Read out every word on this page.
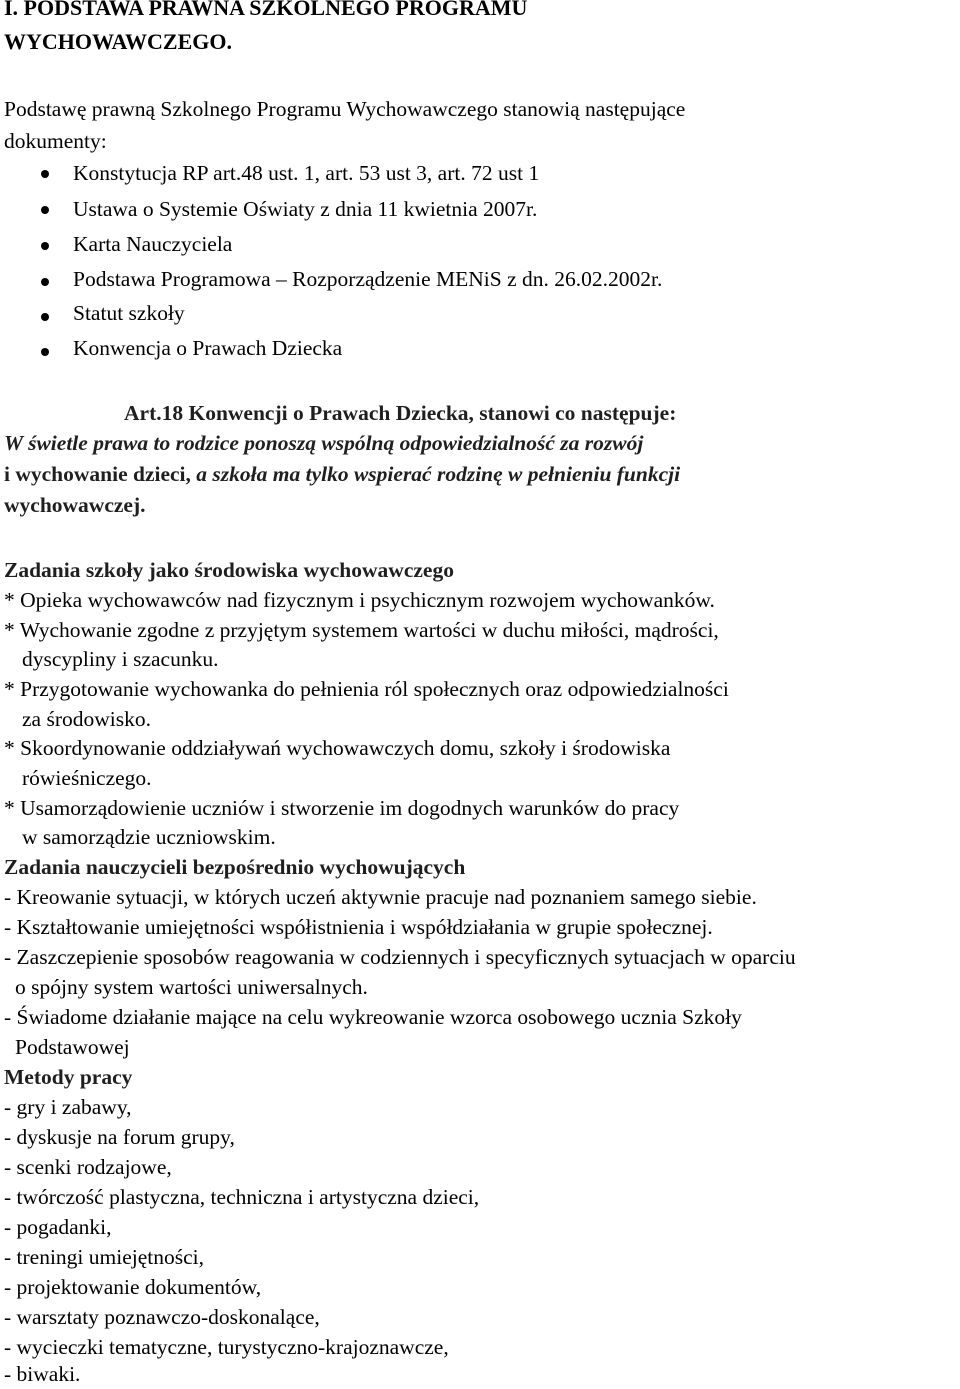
I. PODSTAWA PRAWNA SZKOLNEGO PROGRAMU
WYCHOWAWCZEGO.
Podstawę prawną Szkolnego Programu Wychowawczego stanowią następujące
dokumenty:
Konstytucja RP art.48 ust. 1, art. 53 ust 3, art. 72 ust 1
Ustawa o Systemie Oświaty z dnia 11 kwietnia 2007r.
Karta Nauczyciela
Podstawa Programowa – Rozporządzenie MENiS z dn. 26.02.2002r.
Statut szkoły
Konwencja o Prawach Dziecka
Art.18 Konwencji o Prawach Dziecka, stanowi co następuje:
W świetle prawa to rodzice ponoszą wspólną odpowiedzialność za rozwój
i wychowanie dzieci, a szkoła ma tylko wspierać rodzinę w pełnieniu funkcji
wychowawczej.
Zadania szkoły jako środowiska wychowawczego
* Opieka wychowawców nad fizycznym i psychicznym rozwojem wychowanków.
* Wychowanie zgodne z przyjętym systemem wartości w duchu miłości, mądrości,
dyscypliny i szacunku.
* Przygotowanie wychowanka do pełnienia ról społecznych oraz odpowiedzialności
za środowisko.
* Skoordynowanie oddziaływań wychowawczych domu, szkoły i środowiska
rówieśniczego.
* Usamorządowienie uczniów i stworzenie im dogodnych warunków do pracy
w samorządzie uczniowskim.
Zadania nauczycieli bezpośrednio wychowujących
- Kreowanie sytuacji, w których uczeń aktywnie pracuje nad poznaniem samego siebie.
- Kształtowanie umiejętności współistnienia i współdziałania w grupie społecznej.
- Zaszczepienie sposobów reagowania w codziennych i specyficznych sytuacjach w oparciu
o spójny system wartości uniwersalnych.
- Świadome działanie mające na celu wykreowanie wzorca osobowego ucznia Szkoły
Podstawowej
Metody pracy
- gry i zabawy,
- dyskusje na forum grupy,
- scenki rodzajowe,
- twórczość plastyczna, techniczna i artystyczna dzieci,
- pogadanki,
- treningi umiejętności,
- projektowanie dokumentów,
- warsztaty poznawczo-doskonalące,
- wycieczki tematyczne, turystyczno-krajoznawcze,
- biwaki.
